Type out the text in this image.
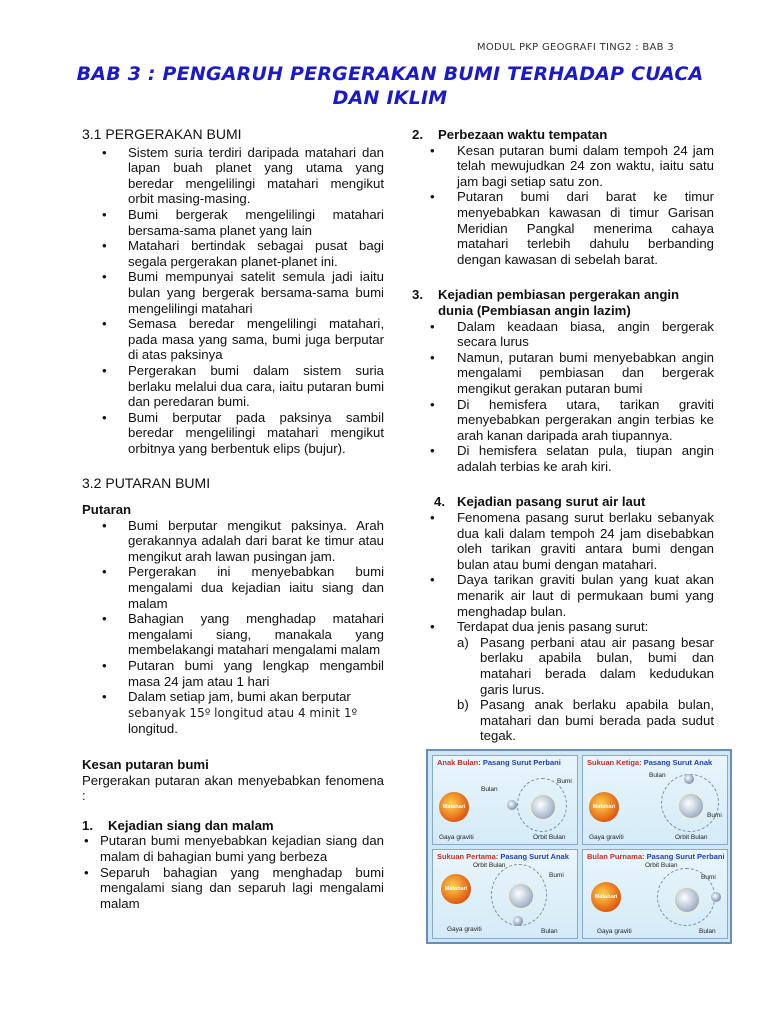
MODUL PKP GEOGRAFI TING2 : BAB 3
BAB 3 : PENGARUH PERGERAKAN BUMI TERHADAP CUACA
DAN IKLIM
3.1 PERGERAKAN BUMI
• Sistem suria terdiri daripada matahari dan lapan buah planet yang utama yang beredar mengelilingi matahari mengikut orbit masing-masing.
• Bumi bergerak mengelilingi matahari bersama-sama planet yang lain
• Matahari bertindak sebagai pusat bagi segala pergerakan planet-planet ini.
• Bumi mempunyai satelit semula jadi iaitu bulan yang bergerak bersama-sama bumi mengelilingi matahari
• Semasa beredar mengelilingi matahari, pada masa yang sama, bumi juga berputar di atas paksinya
• Pergerakan bumi dalam sistem suria berlaku melalui dua cara, iaitu putaran bumi dan peredaran bumi.
• Bumi berputar pada paksinya sambil beredar mengelilingi matahari mengikut orbitnya yang berbentuk elips (bujur).
3.2 PUTARAN BUMI
Putaran
• Bumi berputar mengikut paksinya. Arah gerakannya adalah dari barat ke timur atau mengikut arah lawan pusingan jam.
• Pergerakan ini menyebabkan bumi mengalami dua kejadian iaitu siang dan malam
• Bahagian yang menghadap matahari mengalami siang, manakala yang membelakangi matahari mengalami malam
• Putaran bumi yang lengkap mengambil masa 24 jam atau 1 hari
• Dalam setiap jam, bumi akan berputar
sebanyak 15º longitud atau 4 minit 1º
longitud.
Kesan putaran bumi

Pergerakan putaran akan menyebabkan fenomena :

1. Kejadian siang dan malam
• Putaran bumi menyebabkan kejadian siang dan malam di bahagian bumi yang berbeza
• Separuh bahagian yang menghadap bumi mengalami siang dan separuh lagi mengalami malam
2. Perbezaan waktu tempatan
• Kesan putaran bumi dalam tempoh 24 jam telah mewujudkan 24 zon waktu, iaitu satu jam bagi setiap satu zon.
• Putaran bumi dari barat ke timur menyebabkan kawasan di timur Garisan Meridian Pangkal menerima cahaya matahari terlebih dahulu berbanding dengan kawasan di sebelah barat.
3. Kejadian pembiasan pergerakan angin dunia (Pembiasan angin lazim)
• Dalam keadaan biasa, angin bergerak secara lurus
• Namun, putaran bumi menyebabkan angin mengalami pembiasan dan bergerak mengikut gerakan putaran bumi
• Di hemisfera utara, tarikan graviti menyebabkan pergerakan angin terbias ke arah kanan daripada arah tiupannya.
• Di hemisfera selatan pula, tiupan angin adalah terbias ke arah kiri.
4. Kejadian pasang surut air laut
• Fenomena pasang surut berlaku sebanyak dua kali dalam tempoh 24 jam disebabkan oleh tarikan graviti antara bumi dengan bulan atau bumi dengan matahari.
• Daya tarikan graviti bulan yang kuat akan menarik air laut di permukaan bumi yang menghadap bulan.
• Terdapat dua jenis pasang surut:
a) Pasang perbani atau air pasang besar berlaku apabila bulan, bumi dan matahari berada dalam kedudukan garis lurus.
b) Pasang anak berlaku apabila bulan, matahari dan bumi berada pada sudut tegak.
Anak Bulan: Pasang Surut Perbani
Matahari
Bulan
Bumi
Gaya graviti	Orbit Bulan
Sukuan Ketiga: Pasang Surut Anak
Matahari
Bulan
Bumi
Gaya graviti	Orbit Bulan
Sukuan Pertama: Pasang Surut Anak
Matahari
Orbit Bulan
Bumi
Gaya graviti	Bulan
Bulan Purnama: Pasang Surut Perbani
Matahari
Orbit Bulan
Bumi
Gaya graviti	Bulan
